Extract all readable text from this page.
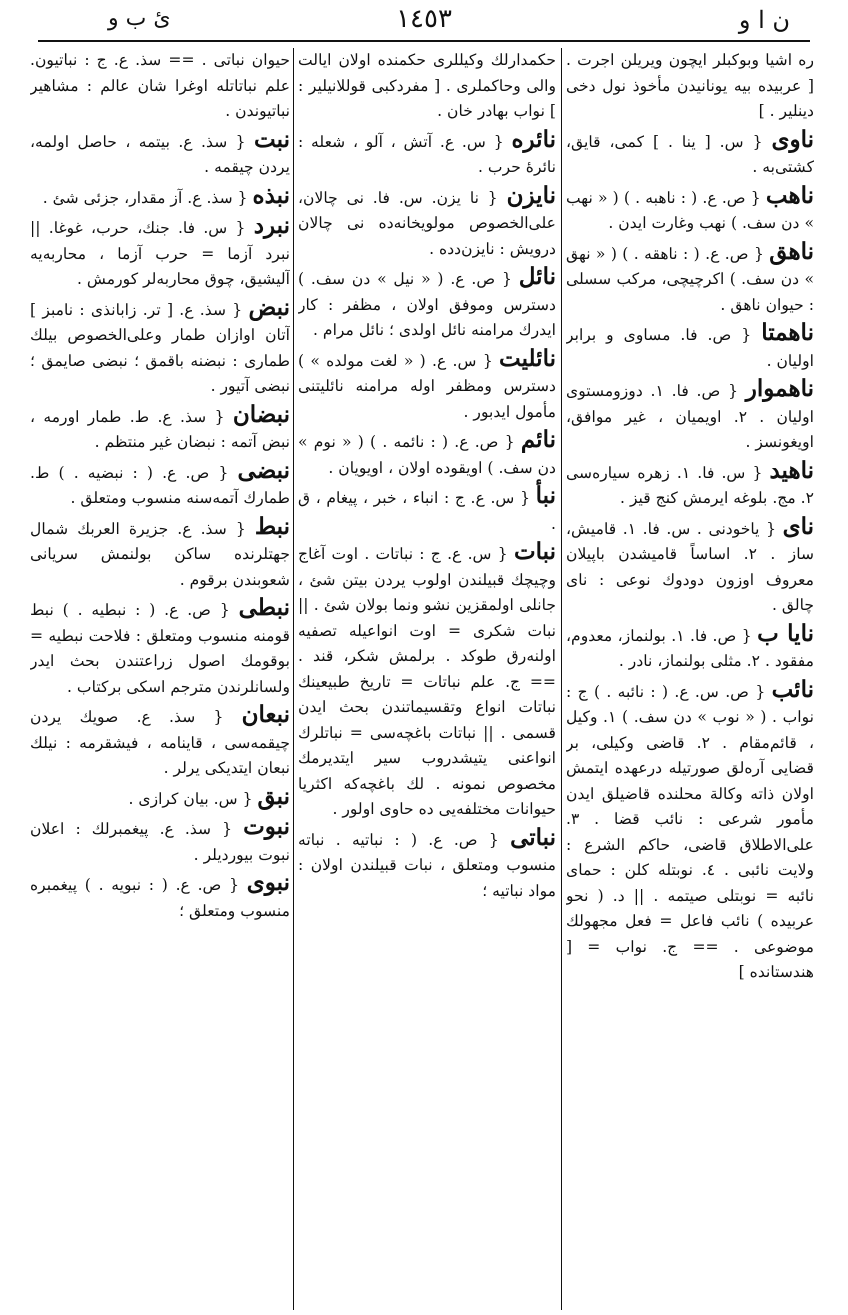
ن ا و
١٤٥٣
ئ ب و
ره اشيا وبوكبلر ايچون ويريلن اجرت . [ عربيده بيه يونانيدن مأخوذ نول دخی دينلير . ]
ناوی { س. [ ينا . ] كمی، قايق، كشتی‌به .
ناهب { ص. ع. ( : ناهبه . ) ( « نهب » دن سف. ) نهب وغارت ايدن .
ناهق { ص. ع. ( : ناهقه . ) ( « نهق » دن سف. ) اكرچيچی، مركب سسلی : حيوان ناهق .
ناهمتا { ص. فا. مساوی و برابر اوليان .
ناهموار { ص. فا. ١. دوزومستوی اوليان . ٢. اويميان ، غير موافق، اويغونسز .
ناهيد { س. فا. ١. زهره سياره‌سی ٢. مج. بلوغه ايرمش كنج قيز .
نای { ياخودنی . س. فا. ١. قاميش، ساز . ٢. اساساً قاميشدن باپيلان معروف اوزون دودوك نوعی : نای چالق .
نايا ب { ص. فا. ١. بولنماز، معدوم، مفقود . ٢. مثلی بولنماز، نادر .
نائب { ص. س. ع. ( : نائبه . ) ج : نواب . ( « نوب » دن سف. ) ١. وكيل ، قائم‌مقام . ٢. قاضی وكيلی، بر قضايی آره‌لق صورتيله درعهده ايتمش اولان ذاته وكالة محلنده قاضيلق ايدن مأمور شرعی : نائب قضا . ٣. على‌الاطلاق قاضی، حاكم الشرع : ولايت نائبی . ٤. نوبتله كلن : حمای نائبه = نوبتلی صيتمه . || د. ( نحو عربيده ) نائب فاعل = فعل مجهولك موضوعی . == ج. نواب = [ هندستانده ]
حكمدارلك وكيللری حكمنده اولان ايالت والی وحاكملری . [ مفردكبی قوللانيلير : ] نواب بهادر خان .
نائره { س. ع. آتش ، آلو ، شعله : نائرهٔ حرب .
نايزن { نا يزن. س. فا. نی چالان، على‌الخصوص مولويخانه‌ده نی چالان درويش : نايزن‌دده .
نائل { ص. ع. ( « نيل » دن سف. ) دسترس وموفق اولان ، مظفر : كار ايدرك مرامنه نائل اولدی ؛ نائل مرام .
نائليت { س. ع. ( « لغت مولده » ) دسترس ومظفر اوله مرامنه نائليتنی مأمول ايدبور .
نائم { ص. ع. ( : نائمه . ) ( « نوم » دن سف. ) اويقوده اولان ، اويويان .
نبأ { س. ع. ج : انباء ، خبر ، پيغام ، ق .
نبات { س. ع. ج : نباتات . اوت آغاج وچيچك قبيلندن اولوب يردن بيتن شئ ، جانلی اولمقزين نشو ونما بولان شئ . || نبات شكری = اوت انواعيله تصفيه اولنه‌رق طوكد . برلمش شكر، قند . == ج. علم نباتات = تاريخ طبيعينك نباتات انواع وتقسيماتندن بحث ايدن قسمی . || نباتات باغچه‌سی = نباتلرك انواعنی يتيشدروب سير ايتديرمك مخصوص نمونه . لك باغچه‌كه اكثريا حيوانات مختلفه‌يی ده حاوی اولور .
نباتی { ص. ع. ( : نباتيه . نباته منسوب ومتعلق ، نبات قبيلندن اولان : مواد نباتيه ؛
حيوان نباتی . == سذ. ع. ج : نباتيون. علم نباتاتله اوغرا شان عالم : مشاهير نباتيوندن .
نبت { سذ. ع. بيتمه ، حاصل اولمه، يردن چيقمه .
نبذه { سذ. ع. آز مقدار، جزئی شئ .
نبرد { س. فا. جنك، حرب، غوغا. || نبرد آزما = حرب آزما ، محاربه‌يه آليشيق، چوق محاربه‌لر كورمش .
نبض { سذ. ع. [ تر. زابانذی : نامبز ] آتان اوازان طمار وعلى‌الخصوص بيلك طماری : نبضنه باقمق ؛ نبضی صايمق ؛ نبضی آتيور .
نبضان { سذ. ع. ط. طمار اورمه ، نبض آتمه : نبضان غير منتظم .
نبضی { ص. ع. ( : نبضيه . ) ط. طمارك آتمه‌سنه منسوب ومتعلق .
نبط { سذ. ع. جزيرة العربك شمال جهتلرنده ساكن بولنمش سريانی شعوبندن برقوم .
نبطی { ص. ع. ( : نبطيه . ) نبط قومنه منسوب ومتعلق : فلاحت نبطيه = بوقومك اصول زراعتندن بحث ايدر ولسانلرندن مترجم اسكی بركتاب .
نبعان { سذ. ع. صويك يردن چيقمه‌سی ، قاينامه ، فيشقرمه : نيلك نبعان ايتديكی يرلر .
نبق { س. بيان كرازی .
نبوت { سذ. ع. پيغمبرلك : اعلان نبوت بيورديلر .
نبوی { ص. ع. ( : نبويه . ) پيغمبره منسوب ومتعلق ؛
